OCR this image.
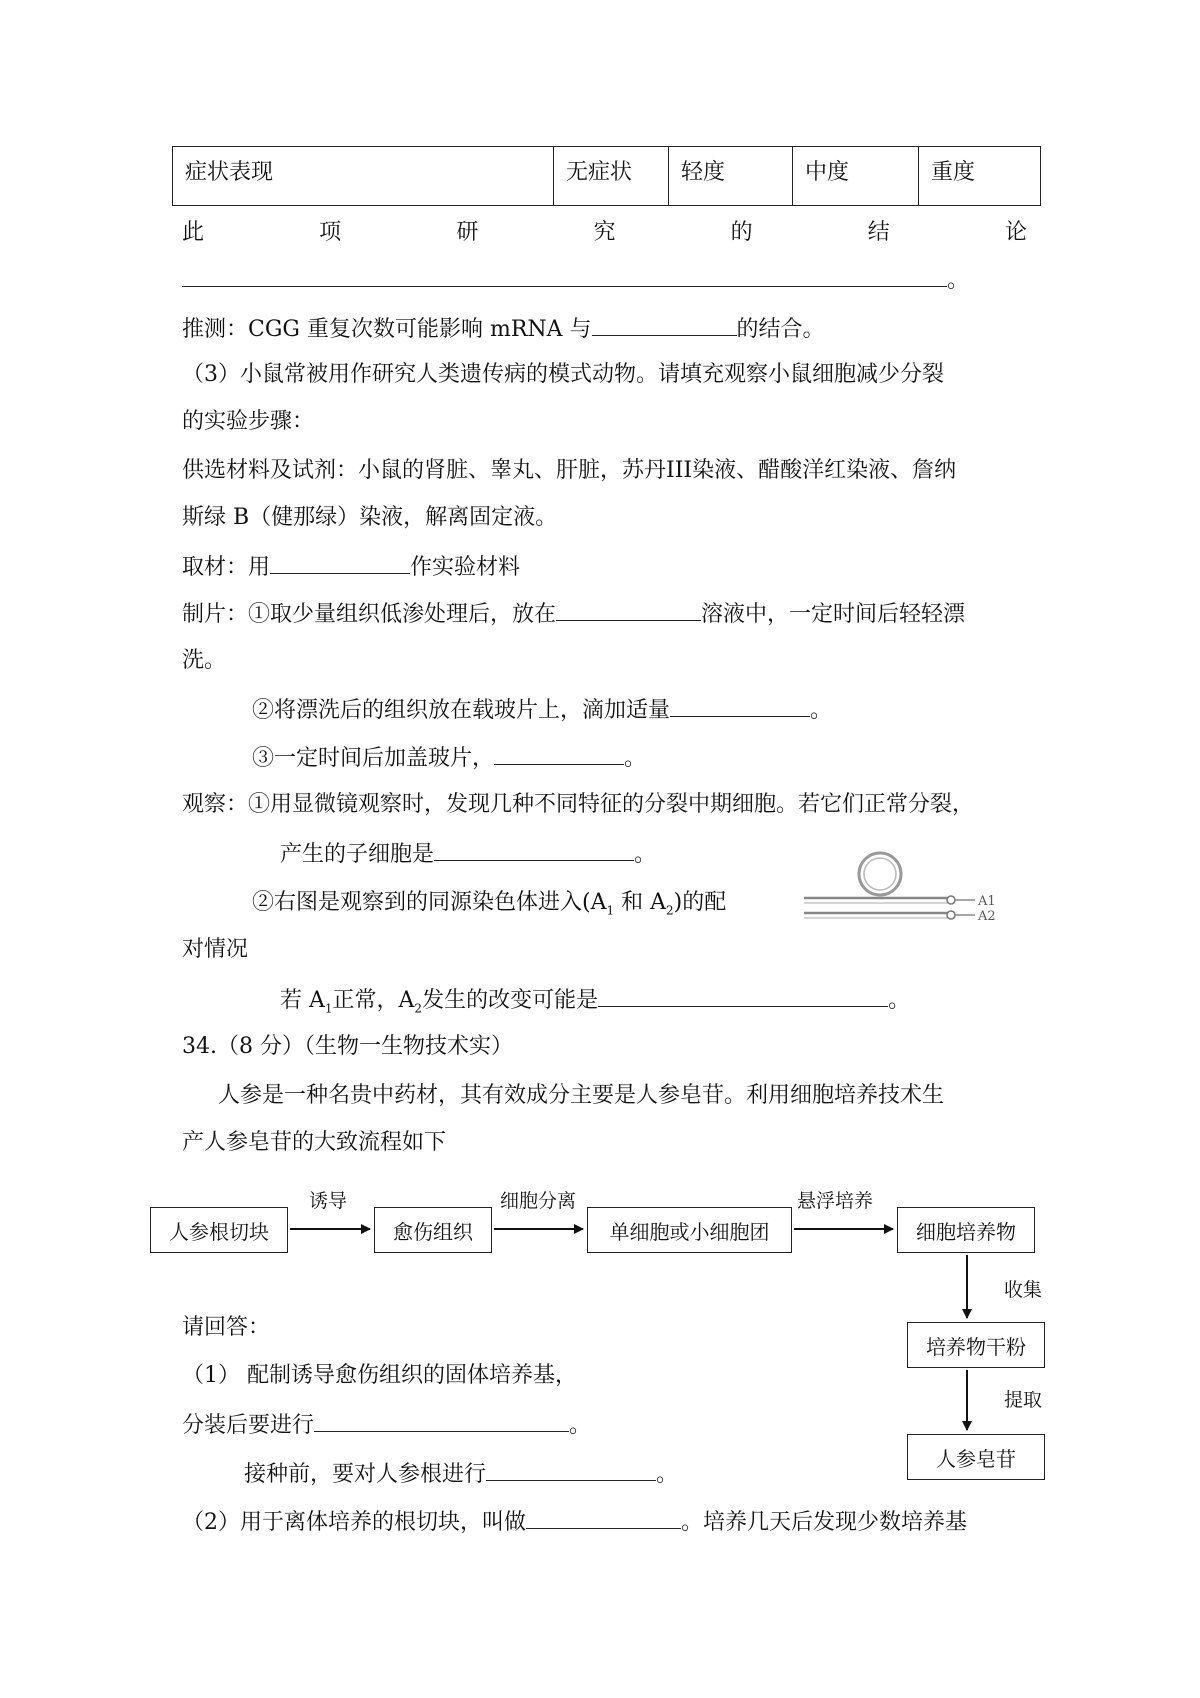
症状表现	无症状	轻度	中度	重度
此	项	研	究	的	结	论
。
推测：CGG 重复次数可能影响 mRNA 与	的结合。
（3）小鼠常被用作研究人类遗传病的模式动物。请填充观察小鼠细胞减少分裂
的实验步骤：
供选材料及试剂：小鼠的肾脏、睾丸、肝脏，苏丹III染液、醋酸洋红染液、詹纳
斯绿 B（健那绿）染液，解离固定液。
取材：用	作实验材料
制片：①取少量组织低渗处理后，放在	溶液中，一定时间后轻轻漂
洗。
②将漂洗后的组织放在载玻片上，滴加适量	。
③一定时间后加盖玻片，	。
观察：①用显微镜观察时，发现几种不同特征的分裂中期细胞。若它们正常分裂，
产生的子细胞是	。
②右图是观察到的同源染色体进入($A_1$ 和 $A_2$)的配
对情况
A1
A2
若 $A_1$正常，$A_2$发生的改变可能是	。
34.（8 分）（生物一生物技术实）
人参是一种名贵中药材，其有效成分主要是人参皂苷。利用细胞培养技术生
产人参皂苷的大致流程如下
人参根切块	愈伤组织	单细胞或小细胞团	细胞培养物
培养物干粉
人参皂苷
诱导	细胞分离	悬浮培养
收集
提取
请回答：
（1） 配制诱导愈伤组织的固体培养基，
分装后要进行	。
接种前，要对人参根进行	。
（2）用于离体培养的根切块，叫做	。培养几天后发现少数培养基
